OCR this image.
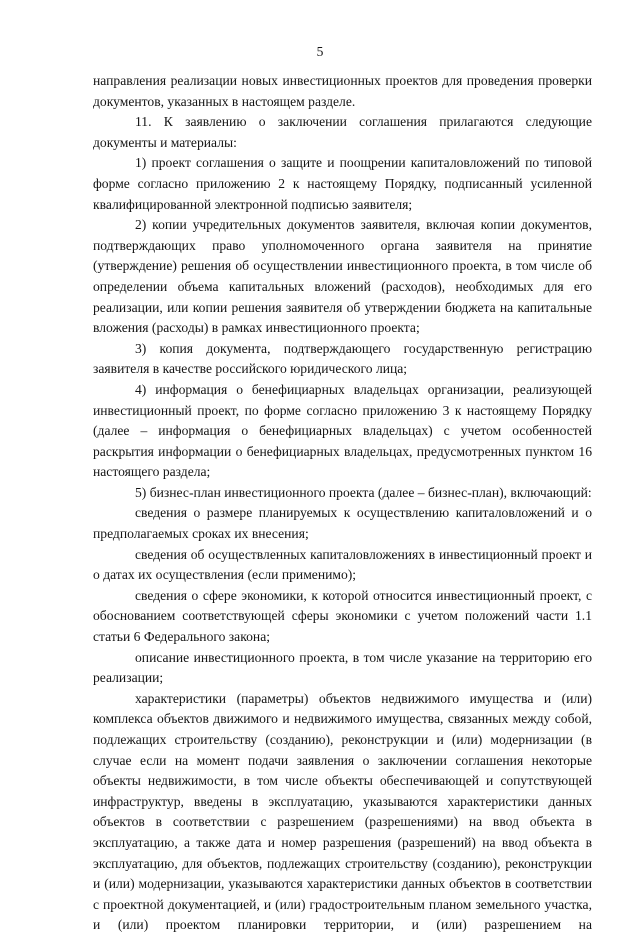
5

направления реализации новых инвестиционных проектов для проведения проверки документов, указанных в настоящем разделе.

11. К заявлению о заключении соглашения прилагаются следующие документы и материалы:

1) проект соглашения о защите и поощрении капиталовложений по типовой форме согласно приложению 2 к настоящему Порядку, подписанный усиленной квалифицированной электронной подписью заявителя;

2) копии учредительных документов заявителя, включая копии документов, подтверждающих право уполномоченного органа заявителя на принятие (утверждение) решения об осуществлении инвестиционного проекта, в том числе об определении объема капитальных вложений (расходов), необходимых для его реализации, или копии решения заявителя об утверждении бюджета на капитальные вложения (расходы) в рамках инвестиционного проекта;

3) копия документа, подтверждающего государственную регистрацию заявителя в качестве российского юридического лица;

4) информация о бенефициарных владельцах организации, реализующей инвестиционный проект, по форме согласно приложению 3 к настоящему Порядку (далее – информация о бенефициарных владельцах) с учетом особенностей раскрытия информации о бенефициарных владельцах, предусмотренных пунктом 16 настоящего раздела;

5) бизнес-план инвестиционного проекта (далее – бизнес-план), включающий:

сведения о размере планируемых к осуществлению капиталовложений и о предполагаемых сроках их внесения;

сведения об осуществленных капиталовложениях в инвестиционный проект и о датах их осуществления (если применимо);

сведения о сфере экономики, к которой относится инвестиционный проект, с обоснованием соответствующей сферы экономики с учетом положений части 1.1 статьи 6 Федерального закона;

описание инвестиционного проекта, в том числе указание на территорию его реализации;

характеристики (параметры) объектов недвижимого имущества и (или) комплекса объектов движимого и недвижимого имущества, связанных между собой, подлежащих строительству (созданию), реконструкции и (или) модернизации (в случае если на момент подачи заявления о заключении соглашения некоторые объекты недвижимости, в том числе объекты обеспечивающей и сопутствующей инфраструктур, введены в эксплуатацию, указываются характеристики данных объектов в соответствии с разрешением (разрешениями) на ввод объекта в эксплуатацию, а также дата и номер разрешения (разрешений) на ввод объекта в эксплуатацию, для объектов, подлежащих строительству (созданию), реконструкции и (или) модернизации, указываются характеристики данных объектов в соответствии с проектной документацией, и (или) градостроительным планом земельного участка, и (или) проектом планировки территории, и (или) разрешением на
